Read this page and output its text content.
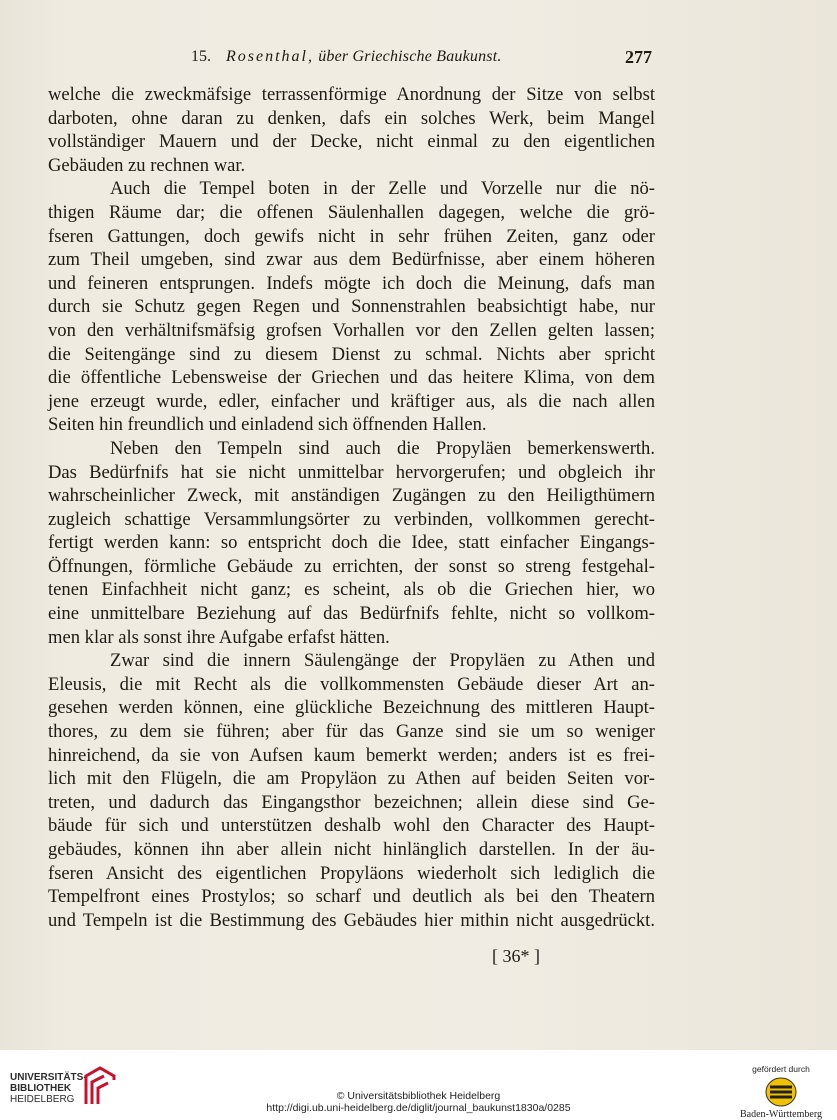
15. Rosenthal, über Griechische Baukunst.	277
welche die zweckmäfsige terrassenförmige Anordnung der Sitze von selbst
darboten, ohne daran zu denken, dafs ein solches Werk, beim Mangel
vollständiger Mauern und der Decke, nicht einmal zu den eigentlichen
Gebäuden zu rechnen war.
Auch die Tempel boten in der Zelle und Vorzelle nur die nö-
thigen Räume dar; die offenen Säulenhallen dagegen, welche die grö-
fseren Gattungen, doch gewifs nicht in sehr frühen Zeiten, ganz oder
zum Theil umgeben, sind zwar aus dem Bedürfnisse, aber einem höheren
und feineren entsprungen. Indefs mögte ich doch die Meinung, dafs man
durch sie Schutz gegen Regen und Sonnenstrahlen beabsichtigt habe, nur
von den verhältnifsmäfsig grofsen Vorhallen vor den Zellen gelten lassen;
die Seitengänge sind zu diesem Dienst zu schmal. Nichts aber spricht
die öffentliche Lebensweise der Griechen und das heitere Klima, von dem
jene erzeugt wurde, edler, einfacher und kräftiger aus, als die nach allen
Seiten hin freundlich und einladend sich öffnenden Hallen.
Neben den Tempeln sind auch die Propyläen bemerkenswerth.
Das Bedürfnifs hat sie nicht unmittelbar hervorgerufen; und obgleich ihr
wahrscheinlicher Zweck, mit anständigen Zugängen zu den Heiligthümern
zugleich schattige Versammlungsörter zu verbinden, vollkommen gerecht-
fertigt werden kann: so entspricht doch die Idee, statt einfacher Eingangs-
Öffnungen, förmliche Gebäude zu errichten, der sonst so streng festgehal-
tenen Einfachheit nicht ganz; es scheint, als ob die Griechen hier, wo
eine unmittelbare Beziehung auf das Bedürfnifs fehlte, nicht so vollkom-
men klar als sonst ihre Aufgabe erfafst hätten.
Zwar sind die innern Säulengänge der Propyläen zu Athen und
Eleusis, die mit Recht als die vollkommensten Gebäude dieser Art an-
gesehen werden können, eine glückliche Bezeichnung des mittleren Haupt-
thores, zu dem sie führen; aber für das Ganze sind sie um so weniger
hinreichend, da sie von Aufsen kaum bemerkt werden; anders ist es frei-
lich mit den Flügeln, die am Propyläon zu Athen auf beiden Seiten vor-
treten, und dadurch das Eingangsthor bezeichnen; allein diese sind Ge-
bäude für sich und unterstützen deshalb wohl den Character des Haupt-
gebäudes, können ihn aber allein nicht hinlänglich darstellen. In der äu-
fseren Ansicht des eigentlichen Propyläons wiederholt sich lediglich die
Tempelfront eines Prostylos; so scharf und deutlich als bei den Theatern
und Tempeln ist die Bestimmung des Gebäudes hier mithin nicht ausgedrückt.
[ 36* ]
UNIVERSITÄTS-
BIBLIOTHEK
HEIDELBERG	© Universitätsbibliothek Heidelberg
http://digi.ub.uni-heidelberg.de/diglit/journal_baukunst1830a/0285
gefördert durch
Baden-Württemberg
